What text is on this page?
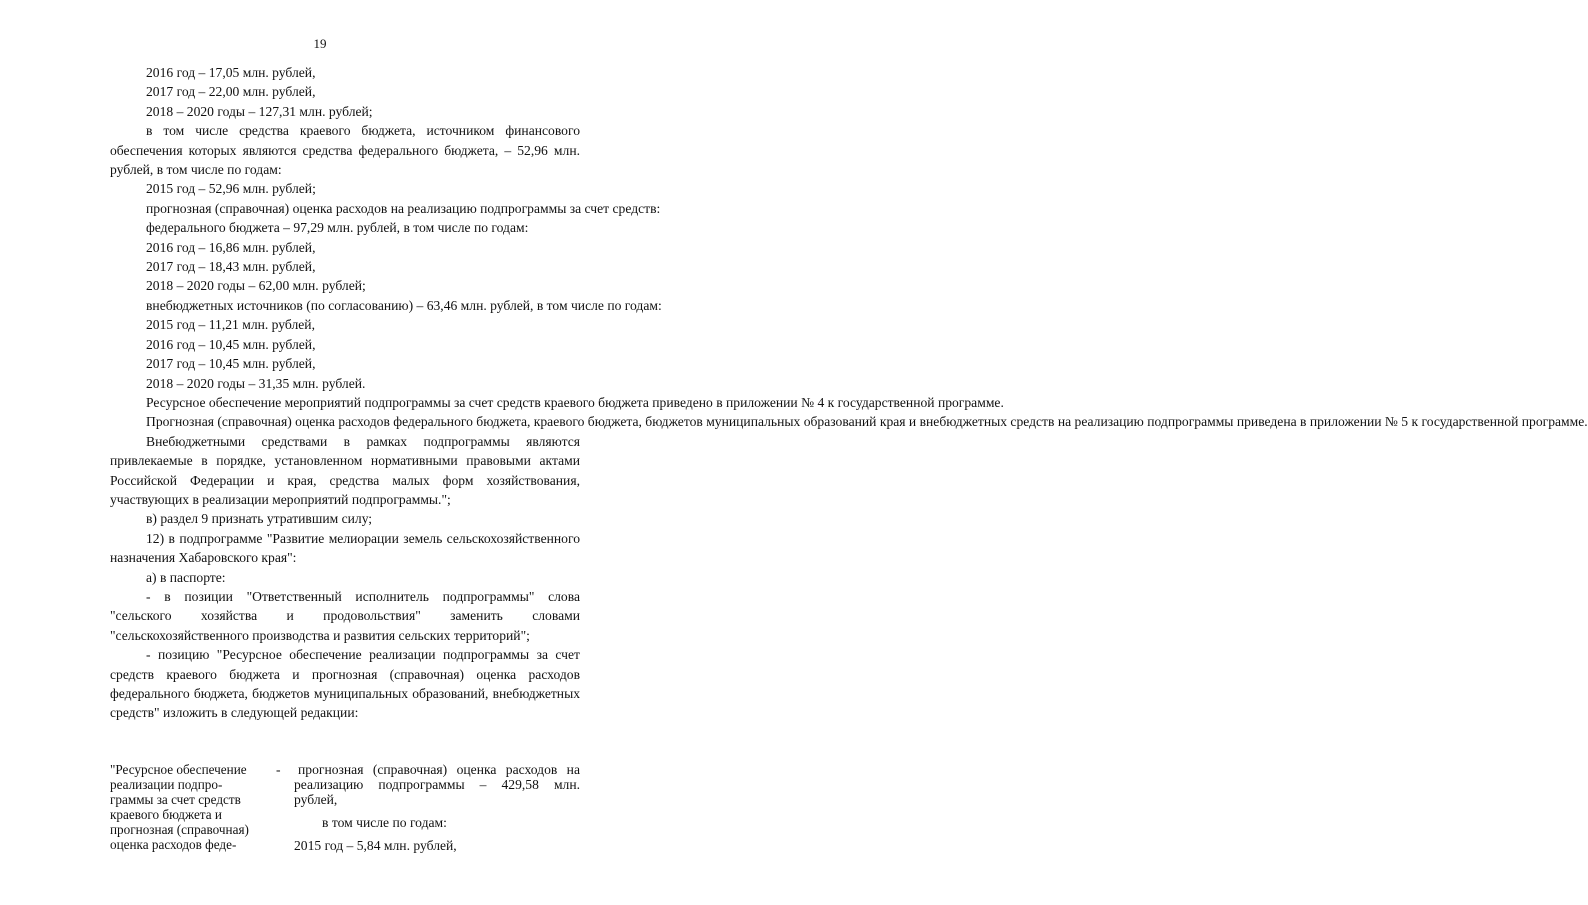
19

2016 год – 17,05 млн. рублей,

2017 год – 22,00 млн. рублей,

2018 – 2020 годы – 127,31 млн. рублей;

в том числе средства краевого бюджета, источником финансового обеспечения которых являются средства федерального бюджета, – 52,96 млн. рублей, в том числе по годам:

2015 год – 52,96 млн. рублей;

прогнозная (справочная) оценка расходов на реализацию подпрограммы за счет средств:

федерального бюджета – 97,29 млн. рублей, в том числе по годам:

2016 год – 16,86 млн. рублей,

2017 год – 18,43 млн. рублей,

2018 – 2020 годы – 62,00 млн. рублей;

внебюджетных источников (по согласованию) – 63,46 млн. рублей, в том числе по годам:

2015 год – 11,21 млн. рублей,

2016 год – 10,45 млн. рублей,

2017 год – 10,45 млн. рублей,

2018 – 2020 годы – 31,35 млн. рублей.

Ресурсное обеспечение мероприятий подпрограммы за счет средств краевого бюджета приведено в приложении № 4 к государственной программе.

Прогнозная (справочная) оценка расходов федерального бюджета, краевого бюджета, бюджетов муниципальных образований края и внебюджетных средств на реализацию подпрограммы приведена в приложении № 5 к государственной программе.

Внебюджетными средствами в рамках подпрограммы являются привлекаемые в порядке, установленном нормативными правовыми актами Российской Федерации и края, средства малых форм хозяйствования, участвующих в реализации мероприятий подпрограммы.";

в) раздел 9 признать утратившим силу;

12) в подпрограмме "Развитие мелиорации земель сельскохозяйственного назначения Хабаровского края":

а) в паспорте:

- в позиции "Ответственный исполнитель подпрограммы" слова "сельского хозяйства и продовольствия" заменить словами "сельскохозяйственного производства и развития сельских территорий";

- позицию "Ресурсное обеспечение реализации подпрограммы за счет средств краевого бюджета и прогнозная (справочная) оценка расходов федерального бюджета, бюджетов муниципальных образований, внебюджетных средств" изложить в следующей редакции:

"Ресурсное обеспечение
реализации подпро-
граммы за счет средств
краевого бюджета и
прогнозная (справочная)
оценка расходов феде-
- прогнозная (справочная) оценка расходов на реализацию подпрограммы – 429,58 млн. рублей,
в том числе по годам:
2015 год – 5,84 млн. рублей,
